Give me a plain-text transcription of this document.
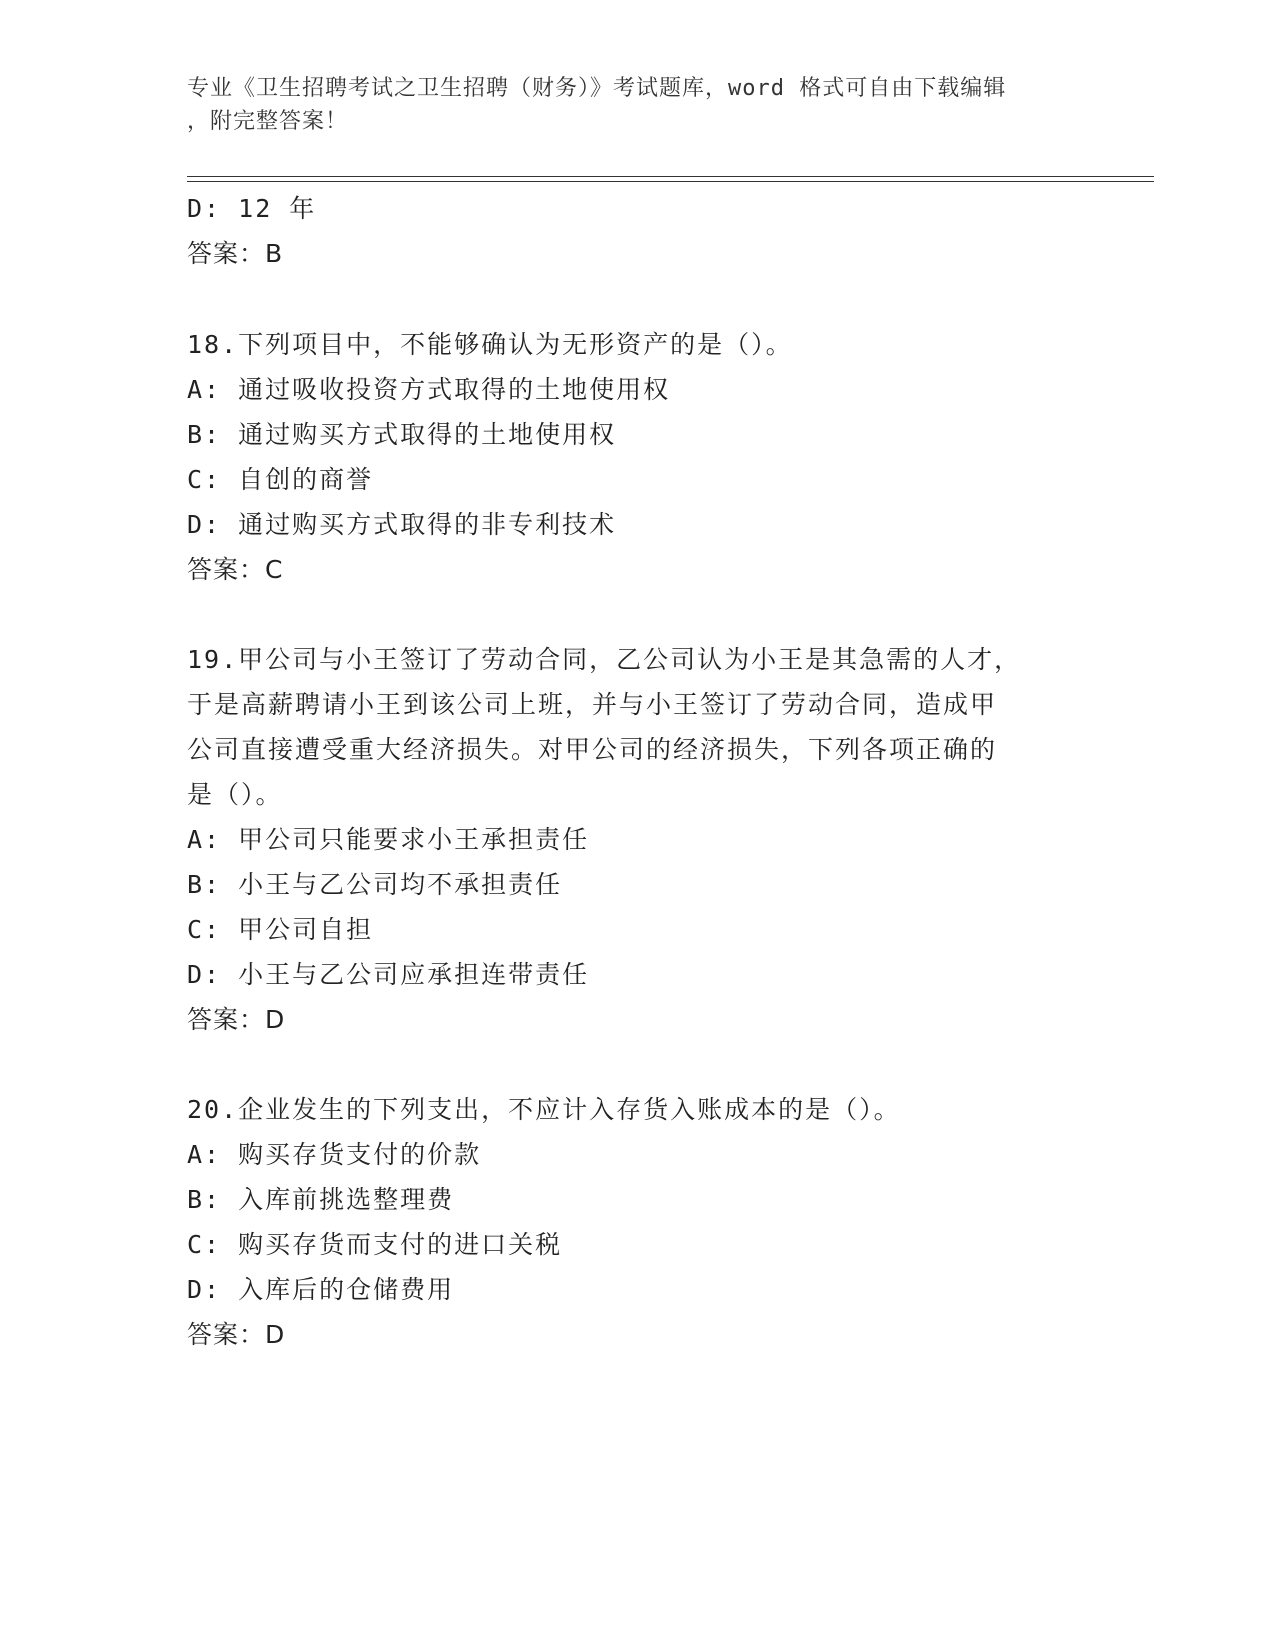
专业《卫生招聘考试之卫生招聘（财务）》考试题库，word 格式可自由下载编辑
，附完整答案！
D: 12 年
答案：B
18.下列项目中，不能够确认为无形资产的是（）。
A: 通过吸收投资方式取得的土地使用权
B: 通过购买方式取得的土地使用权
C: 自创的商誉
D: 通过购买方式取得的非专利技术
答案：C
19.甲公司与小王签订了劳动合同，乙公司认为小王是其急需的人才，
于是高薪聘请小王到该公司上班，并与小王签订了劳动合同，造成甲
公司直接遭受重大经济损失。对甲公司的经济损失，下列各项正确的
是（）。
A: 甲公司只能要求小王承担责任
B: 小王与乙公司均不承担责任
C: 甲公司自担
D: 小王与乙公司应承担连带责任
答案：D
20.企业发生的下列支出，不应计入存货入账成本的是（）。
A: 购买存货支付的价款
B: 入库前挑选整理费
C: 购买存货而支付的进口关税
D: 入库后的仓储费用
答案：D
